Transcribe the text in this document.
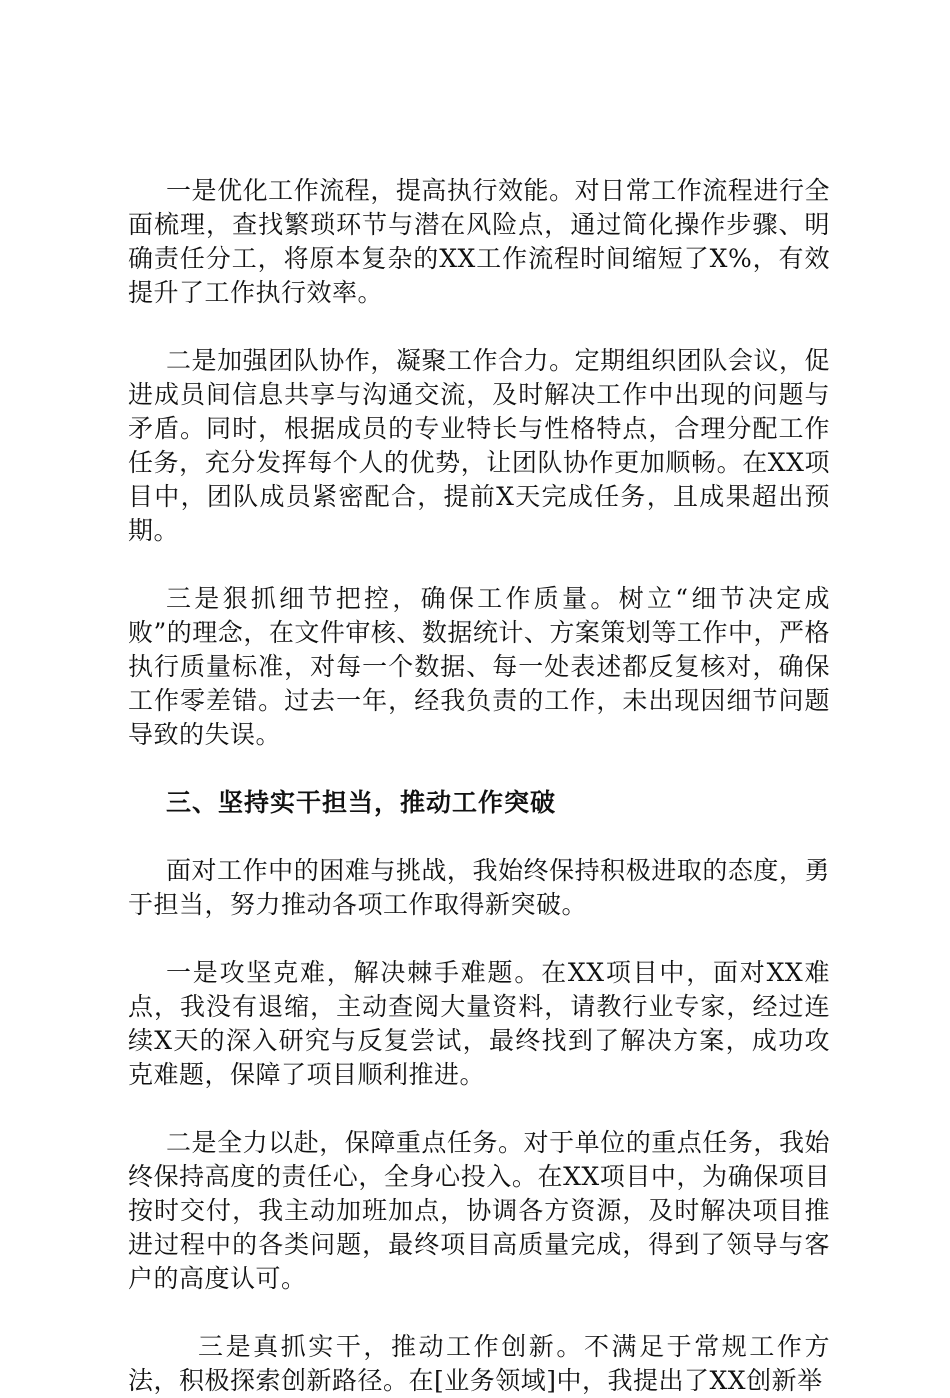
一是优化工作流程，提高执行效能。对日常工作流程进行全面梳理，查找繁琐环节与潜在风险点，通过简化操作步骤、明确责任分工，将原本复杂的XX工作流程时间缩短了X%，有效提升了工作执行效率。

二是加强团队协作，凝聚工作合力。定期组织团队会议，促进成员间信息共享与沟通交流，及时解决工作中出现的问题与矛盾。同时，根据成员的专业特长与性格特点，合理分配工作任务，充分发挥每个人的优势，让团队协作更加顺畅。在XX项目中，团队成员紧密配合，提前X天完成任务，且成果超出预期。

三是狠抓细节把控，确保工作质量。树立“细节决定成败”的理念，在文件审核、数据统计、方案策划等工作中，严格执行质量标准，对每一个数据、每一处表述都反复核对，确保工作零差错。过去一年，经我负责的工作，未出现因细节问题导致的失误。

三、坚持实干担当，推动工作突破

面对工作中的困难与挑战，我始终保持积极进取的态度，勇于担当，努力推动各项工作取得新突破。

一是攻坚克难，解决棘手难题。在XX项目中，面对XX难点，我没有退缩，主动查阅大量资料，请教行业专家，经过连续X天的深入研究与反复尝试，最终找到了解决方案，成功攻克难题，保障了项目顺利推进。

二是全力以赴，保障重点任务。对于单位的重点任务，我始终保持高度的责任心，全身心投入。在XX项目中，为确保项目按时交付，我主动加班加点，协调各方资源，及时解决项目推进过程中的各类问题，最终项目高质量完成，得到了领导与客户的高度认可。

三是真抓实干，推动工作创新。不满足于常规工作方法，积极探索创新路径。在[业务领域]中，我提出了XX创新举
